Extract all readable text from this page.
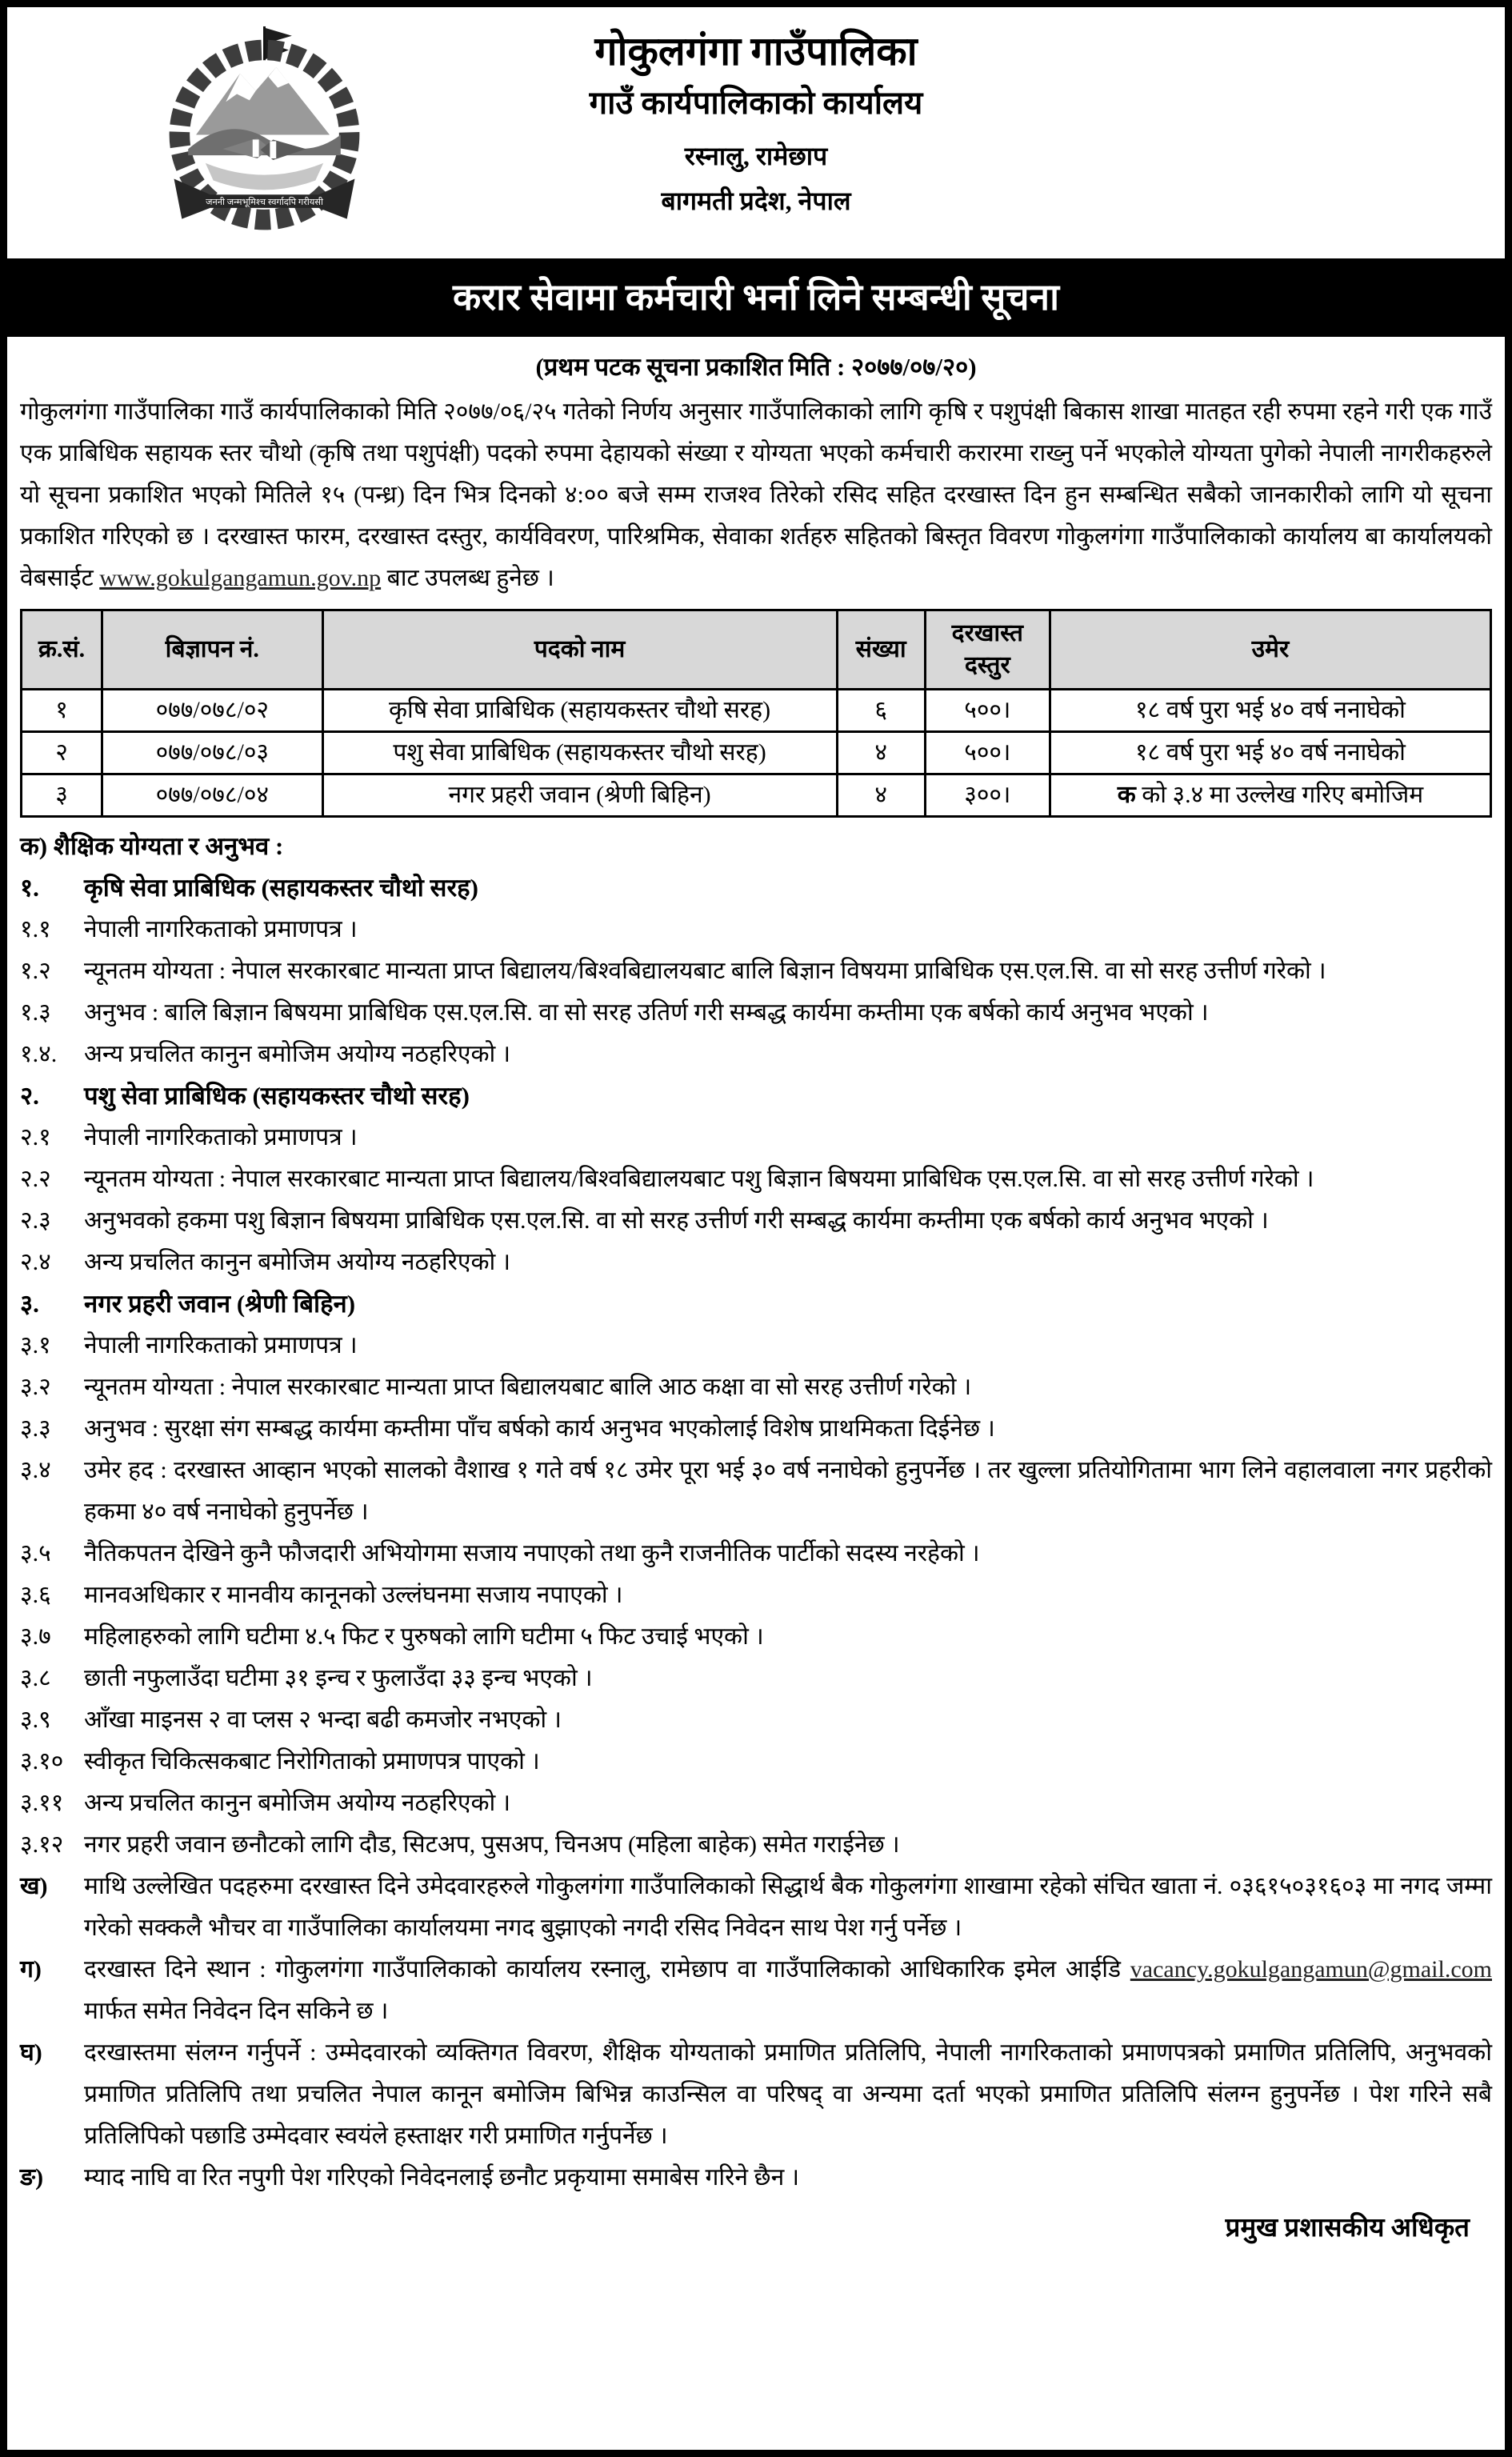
जननी जन्मभूमिश्च स्वर्गादपि गरीयसी
गोकुलगंगा गाउँपालिका
गाउँ कार्यपालिकाको कार्यालय
रस्नालु, रामेछाप
बागमती प्रदेश, नेपाल
करार सेवामा कर्मचारी भर्ना लिने सम्बन्धी सूचना
(प्रथम पटक सूचना प्रकाशित मिति : २०७७/०७/२०)

गोकुलगंगा गाउँपालिका गाउँ कार्यपालिकाको मिति २०७७/०६/२५ गतेको निर्णय अनुसार गाउँपालिकाको लागि कृषि र पशुपंक्षी बिकास शाखा मातहत रही रुपमा रहने गरी एक गाउँ एक प्राबिधिक सहायक स्तर चौथो (कृषि तथा पशुपंक्षी) पदको रुपमा देहायको संख्या र योग्यता भएको कर्मचारी करारमा राख्नु पर्ने भएकोले योग्यता पुगेको नेपाली नागरीकहरुले यो सूचना प्रकाशित भएको मितिले १५ (पन्ध्र) दिन भित्र दिनको ४:०० बजे सम्म राजश्व तिरेको रसिद सहित दरखास्त दिन हुन सम्बन्धित सबैको जानकारीको लागि यो सूचना प्रकाशित गरिएको छ । दरखास्त फारम, दरखास्त दस्तुर, कार्यविवरण, पारिश्रमिक, सेवाका शर्तहरु सहितको बिस्तृत विवरण गोकुलगंगा गाउँपालिकाको कार्यालय बा कार्यालयको वेबसाईट www.gokulgangamun.gov.np बाट उपलब्ध हुनेछ ।

क्र.सं.	बिज्ञापन नं.	पदको नाम	संख्या	दरखास्त दस्तुर	उमेर
१	०७७/०७८/०२	कृषि सेवा प्राबिधिक (सहायकस्तर चौथो सरह)	६	५००।	१८ वर्ष पुरा भई ४० वर्ष ननाघेको
२	०७७/०७८/०३	पशु सेवा प्राबिधिक (सहायकस्तर चौथो सरह)	४	५००।	१८ वर्ष पुरा भई ४० वर्ष ननाघेको
३	०७७/०७८/०४	नगर प्रहरी जवान (श्रेणी बिहिन)	४	३००।	क को ३.४ मा उल्लेख गरिए बमोजिम
क) शैक्षिक योग्यता र अनुभव :
१.	कृषि सेवा प्राबिधिक (सहायकस्तर चौथो सरह)
१.१	नेपाली नागरिकताको प्रमाणपत्र ।
१.२	न्यूनतम योग्यता : नेपाल सरकारबाट मान्यता प्राप्त बिद्यालय/बिश्वबिद्यालयबाट बालि बिज्ञान विषयमा प्राबिधिक एस.एल.सि. वा सो सरह उत्तीर्ण गरेको ।
१.३	अनुभव : बालि बिज्ञान बिषयमा प्राबिधिक एस.एल.सि. वा सो सरह उतिर्ण गरी सम्बद्ध कार्यमा कम्तीमा एक बर्षको कार्य अनुभव भएको ।
१.४.	अन्य प्रचलित कानुन बमोजिम अयोग्य नठहरिएको ।
२.	पशु सेवा प्राबिधिक (सहायकस्तर चौथो सरह)
२.१	नेपाली नागरिकताको प्रमाणपत्र ।
२.२	न्यूनतम योग्यता : नेपाल सरकारबाट मान्यता प्राप्त बिद्यालय/बिश्वबिद्यालयबाट पशु बिज्ञान बिषयमा प्राबिधिक एस.एल.सि. वा सो सरह उत्तीर्ण गरेको ।
२.३	अनुभवको हकमा पशु बिज्ञान बिषयमा प्राबिधिक एस.एल.सि. वा सो सरह उत्तीर्ण गरी सम्बद्ध कार्यमा कम्तीमा एक बर्षको कार्य अनुभव भएको ।
२.४	अन्य प्रचलित कानुन बमोजिम अयोग्य नठहरिएको ।
३.	नगर प्रहरी जवान (श्रेणी बिहिन)
३.१	नेपाली नागरिकताको प्रमाणपत्र ।
३.२	न्यूनतम योग्यता : नेपाल सरकारबाट मान्यता प्राप्त बिद्यालयबाट बालि आठ कक्षा वा सो सरह उत्तीर्ण गरेको ।
३.३	अनुभव : सुरक्षा संग सम्बद्ध कार्यमा कम्तीमा पाँच बर्षको कार्य अनुभव भएकोलाई विशेष प्राथमिकता दिईनेछ ।
३.४	उमेर हद : दरखास्त आव्हान भएको सालको वैशाख १ गते वर्ष १८ उमेर पूरा भई ३० वर्ष ननाघेको हुनुपर्नेछ । तर खुल्ला प्रतियोगितामा भाग लिने वहालवाला नगर प्रहरीको हकमा ४० वर्ष ननाघेको हुनुपर्नेछ ।
३.५	नैतिकपतन देखिने कुनै फौजदारी अभियोगमा सजाय नपाएको तथा कुनै राजनीतिक पार्टीको सदस्य नरहेको ।
३.६	मानवअधिकार र मानवीय कानूनको उल्लंघनमा सजाय नपाएको ।
३.७	महिलाहरुको लागि घटीमा ४.५ फिट र पुरुषको लागि घटीमा ५ फिट उचाई भएको ।
३.८	छाती नफुलाउँदा घटीमा ३१ इन्च र फुलाउँदा ३३ इन्च भएको ।
३.९	आँखा माइनस २ वा प्लस २ भन्दा बढी कमजोर नभएको ।
३.१० स्वीकृत चिकित्सकबाट निरोगिताको प्रमाणपत्र पाएको ।
३.११ अन्य प्रचलित कानुन बमोजिम अयोग्य नठहरिएको ।
३.१२ नगर प्रहरी जवान छनौटको लागि दौड, सिटअप, पुसअप, चिनअप (महिला बाहेक) समेत गराईनेछ ।
ख)	माथि उल्लेखित पदहरुमा दरखास्त दिने उमेदवारहरुले गोकुलगंगा गाउँपालिकाको सिद्धार्थ बैक गोकुलगंगा शाखामा रहेको संचित खाता नं. ०३६१५०३१६०३ मा नगद जम्मा गरेको सक्कलै भौचर वा गाउँपालिका कार्यालयमा नगद बुझाएको नगदी रसिद निवेदन साथ पेश गर्नु पर्नेछ ।
ग)	दरखास्त दिने स्थान : गोकुलगंगा गाउँपालिकाको कार्यालय रस्नालु, रामेछाप वा गाउँपालिकाको आधिकारिक इमेल आईडि vacancy.gokulgangamun@gmail.com मार्फत समेत निवेदन दिन सकिने छ ।
घ)	दरखास्तमा संलग्न गर्नुपर्ने : उम्मेदवारको व्यक्तिगत विवरण, शैक्षिक योग्यताको प्रमाणित प्रतिलिपि, नेपाली नागरिकताको प्रमाणपत्रको प्रमाणित प्रतिलिपि, अनुभवको प्रमाणित प्रतिलिपि तथा प्रचलित नेपाल कानून बमोजिम बिभिन्न काउन्सिल वा परिषद् वा अन्यमा दर्ता भएको प्रमाणित प्रतिलिपि संलग्न हुनुपर्नेछ । पेश गरिने सबै प्रतिलिपिको पछाडि उम्मेदवार स्वयंले हस्ताक्षर गरी प्रमाणित गर्नुपर्नेछ ।
ङ)	म्याद नाघि वा रित नपुगी पेश गरिएको निवेदनलाई छनौट प्रकृयामा समाबेस गरिने छैन ।
प्रमुख प्रशासकीय अधिकृत
